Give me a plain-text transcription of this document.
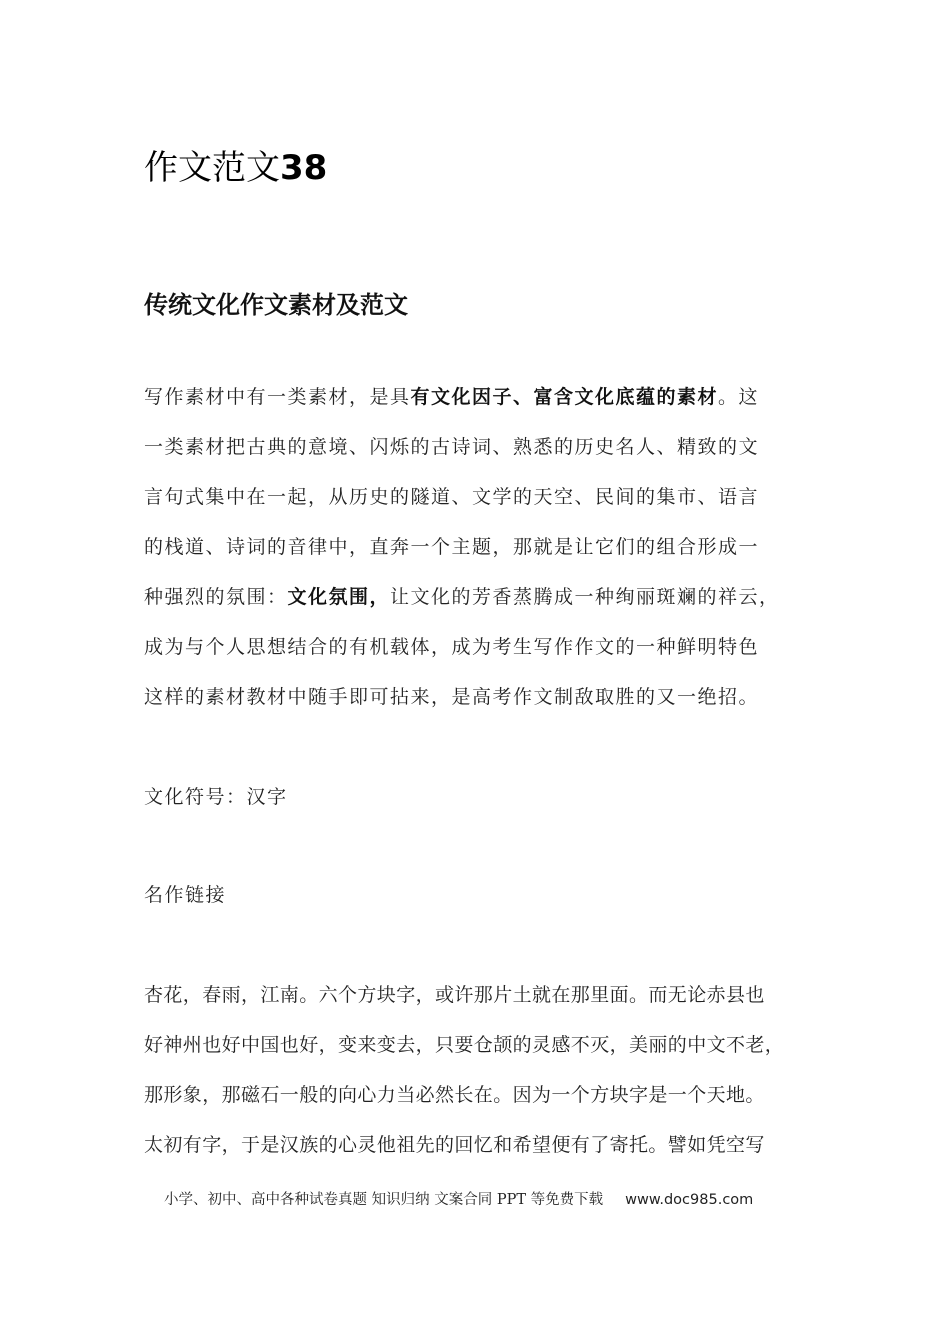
作文范文38
传统文化作文素材及范文

写作素材中有一类素材，是具有文化因子、富含文化底蕴的素材。这
一类素材把古典的意境、闪烁的古诗词、熟悉的历史名人、精致的文
言句式集中在一起，从历史的隧道、文学的天空、民间的集市、语言
的栈道、诗词的音律中，直奔一个主题，那就是让它们的组合形成一
种强烈的氛围：文化氛围，让文化的芳香蒸腾成一种绚丽斑斓的祥云，
成为与个人思想结合的有机载体，成为考生写作作文的一种鲜明特色
这样的素材教材中随手即可拈来，是高考作文制敌取胜的又一绝招。

文化符号：汉字

名作链接

杏花，春雨，江南。六个方块字，或许那片土就在那里面。而无论赤县也
好神州也好中国也好，变来变去，只要仓颉的灵感不灭，美丽的中文不老，
那形象，那磁石一般的向心力当必然长在。因为一个方块字是一个天地。
太初有字，于是汉族的心灵他祖先的回忆和希望便有了寄托。譬如凭空写

小学、初中、高中各种试卷真题 知识归纳 文案合同 PPT 等免费下载 www.doc985.com
